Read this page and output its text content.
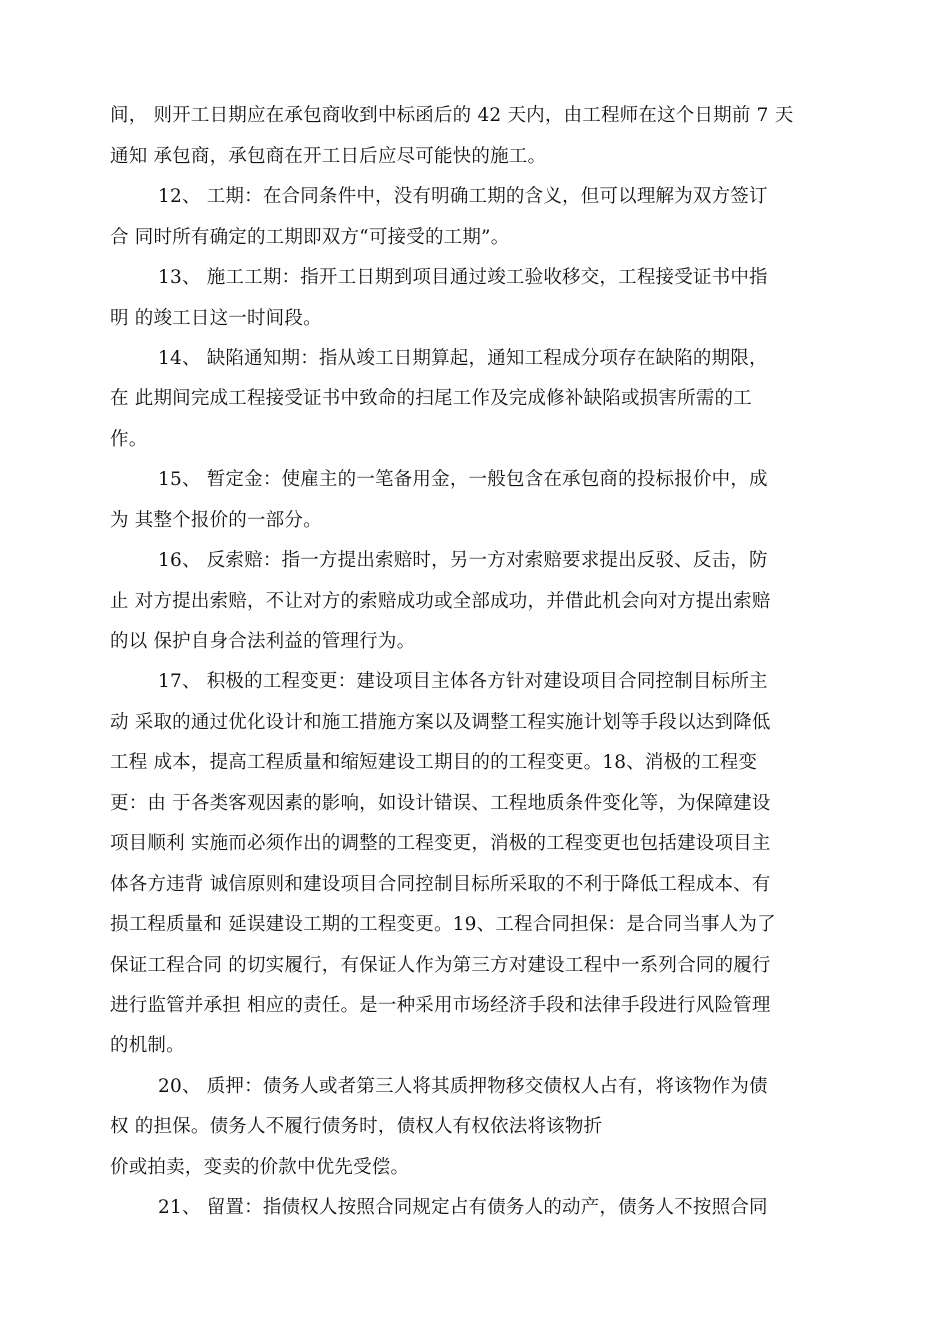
间， 则开工日期应在承包商收到中标函后的 42 天内，由工程师在这个日期前 7 天
通知 承包商，承包商在开工日后应尽可能快的施工。
12、 工期：在合同条件中，没有明确工期的含义，但可以理解为双方签订
合 同时所有确定的工期即双方“可接受的工期”。
13、 施工工期：指开工日期到项目通过竣工验收移交，工程接受证书中指
明 的竣工日这一时间段。
14、 缺陷通知期：指从竣工日期算起，通知工程成分项存在缺陷的期限，
在 此期间完成工程接受证书中致命的扫尾工作及完成修补缺陷或损害所需的工
作。
15、 暂定金：使雇主的一笔备用金，一般包含在承包商的投标报价中，成
为 其整个报价的一部分。
16、 反索赔：指一方提出索赔时，另一方对索赔要求提出反驳、反击，防
止 对方提出索赔，不让对方的索赔成功或全部成功，并借此机会向对方提出索赔
的以 保护自身合法利益的管理行为。
17、 积极的工程变更：建设项目主体各方针对建设项目合同控制目标所主
动 采取的通过优化设计和施工措施方案以及调整工程实施计划等手段以达到降低
工程 成本，提高工程质量和缩短建设工期目的的工程变更。18、消极的工程变
更：由 于各类客观因素的影响，如设计错误、工程地质条件变化等，为保障建设
项目顺利 实施而必须作出的调整的工程变更，消极的工程变更也包括建设项目主
体各方违背 诚信原则和建设项目合同控制目标所采取的不利于降低工程成本、有
损工程质量和 延误建设工期的工程变更。19、工程合同担保：是合同当事人为了
保证工程合同 的切实履行，有保证人作为第三方对建设工程中一系列合同的履行
进行监管并承担 相应的责任。是一种采用市场经济手段和法律手段进行风险管理
的机制。
20、 质押：债务人或者第三人将其质押物移交债权人占有，将该物作为债
权 的担保。债务人不履行债务时，债权人有权依法将该物折
价或拍卖，变卖的价款中优先受偿。
21、 留置：指债权人按照合同规定占有债务人的动产，债务人不按照合同
